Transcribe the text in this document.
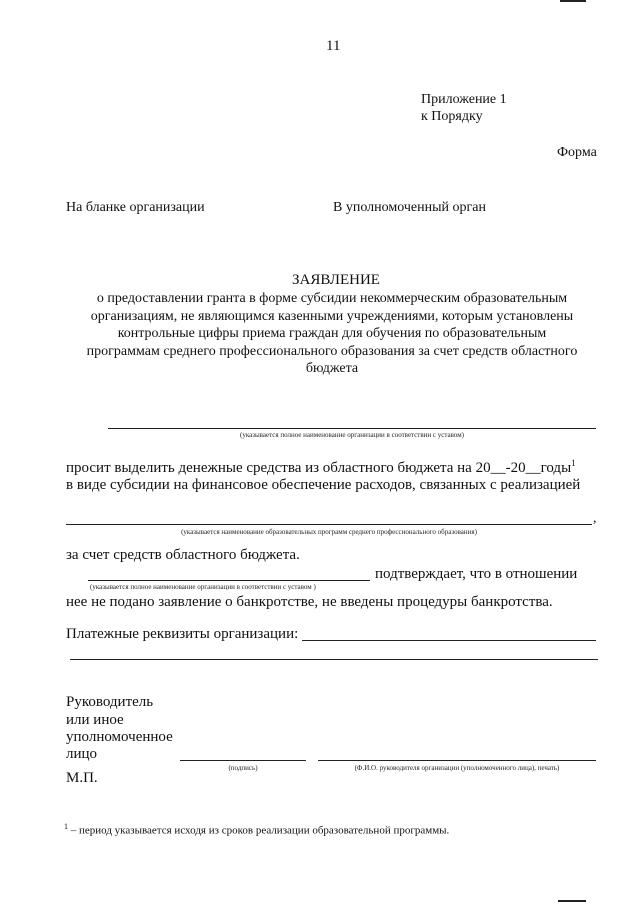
11
Приложение 1
к Порядку
Форма
На бланке организации	В уполномоченный орган
ЗАЯВЛЕНИЕ
о предоставлении гранта в форме субсидии некоммерческим образовательным
организациям, не являющимся казенными учреждениями, которым установлены
контрольные цифры приема граждан для обучения по образовательным
программам среднего профессионального образования за счет средств областного
бюджета
(указывается полное наименование организации в соответствии с уставом)
просит выделить денежные средства из областного бюджета на 20__-20__годы$^1$
в виде субсидии на финансовое обеспечение расходов, связанных с реализацией
,
(указывается наименование образовательных программ среднего профессионального образования)
за счет средств областного бюджета.
(указывается полное наименование организации в соответствии с уставом )
подтверждает, что в отношении
нее не подано заявление о банкротстве, не введены процедуры банкротства.
Платежные реквизиты организации:
Руководитель
или иное
уполномоченное
лицо
(подпись)	(Ф.И.О. руководителя организации (уполномоченного лица), печать)
М.П.
$^1$ – период указывается исходя из сроков реализации образовательной программы.
